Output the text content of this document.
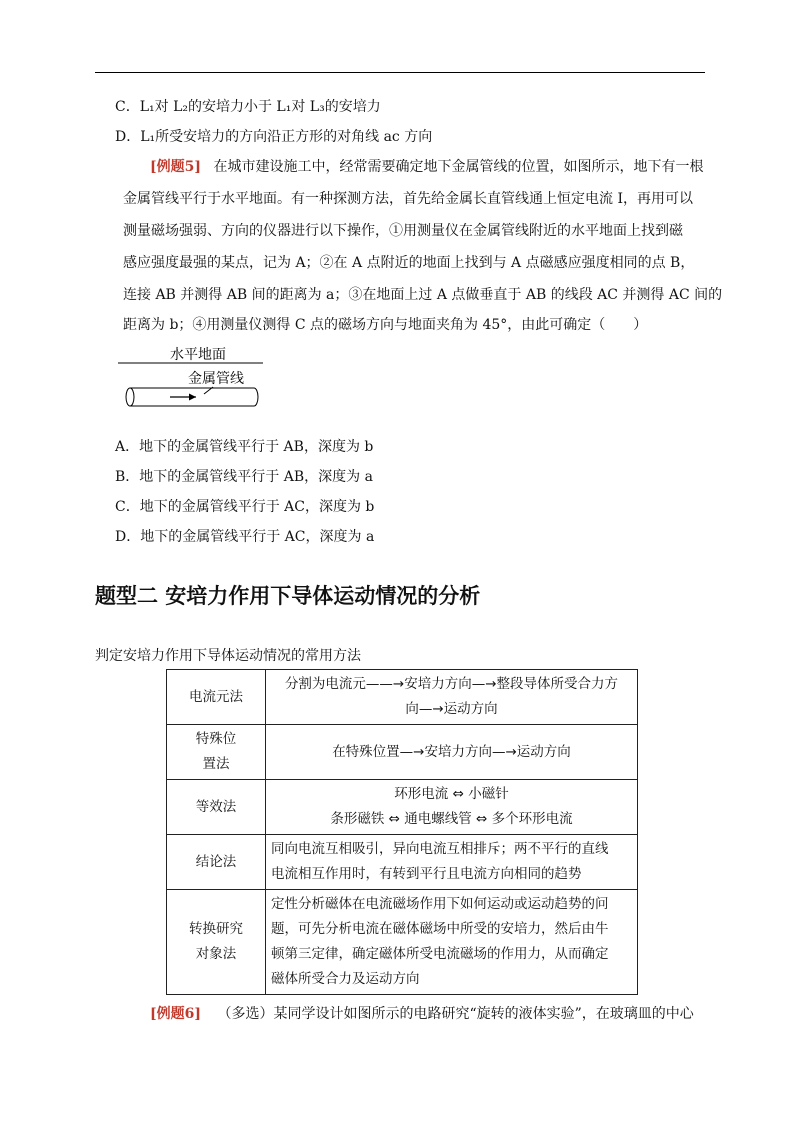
C．L₁对 L₂的安培力小于 L₁对 L₃的安培力
D．L₁所受安培力的方向沿正方形的对角线 ac 方向
[例题5] 在城市建设施工中，经常需要确定地下金属管线的位置，如图所示，地下有一根
金属管线平行于水平地面。有一种探测方法，首先给金属长直管线通上恒定电流 I，再用可以
测量磁场强弱、方向的仪器进行以下操作，①用测量仪在金属管线附近的水平地面上找到磁
感应强度最强的某点，记为 A；②在 A 点附近的地面上找到与 A 点磁感应强度相同的点 B，
连接 AB 并测得 AB 间的距离为 a；③在地面上过 A 点做垂直于 AB 的线段 AC 并测得 AC 间的
距离为 b；④用测量仪测得 C 点的磁场方向与地面夹角为 45°，由此可确定（　　）
水平地面
金属管线
A．地下的金属管线平行于 AB，深度为 b
B．地下的金属管线平行于 AB，深度为 a
C．地下的金属管线平行于 AC，深度为 b
D．地下的金属管线平行于 AC，深度为 a
题型二 安培力作用下导体运动情况的分析
判定安培力作用下导体运动情况的常用方法
电流元法	分割为电流元——→安培力方向—→整段导体所受合力方
向—→运动方向
特殊位
置法	在特殊位置—→安培力方向—→运动方向
等效法	环形电流 ⇔ 小磁针
条形磁铁 ⇔ 通电螺线管 ⇔ 多个环形电流
结论法	同向电流互相吸引，异向电流互相排斥；两不平行的直线
电流相互作用时，有转到平行且电流方向相同的趋势
转换研究
对象法	定性分析磁体在电流磁场作用下如何运动或运动趋势的问
题，可先分析电流在磁体磁场中所受的安培力，然后由牛
顿第三定律，确定磁体所受电流磁场的作用力，从而确定
磁体所受合力及运动方向
[例题6] （多选）某同学设计如图所示的电路研究“旋转的液体实验”，在玻璃皿的中心
